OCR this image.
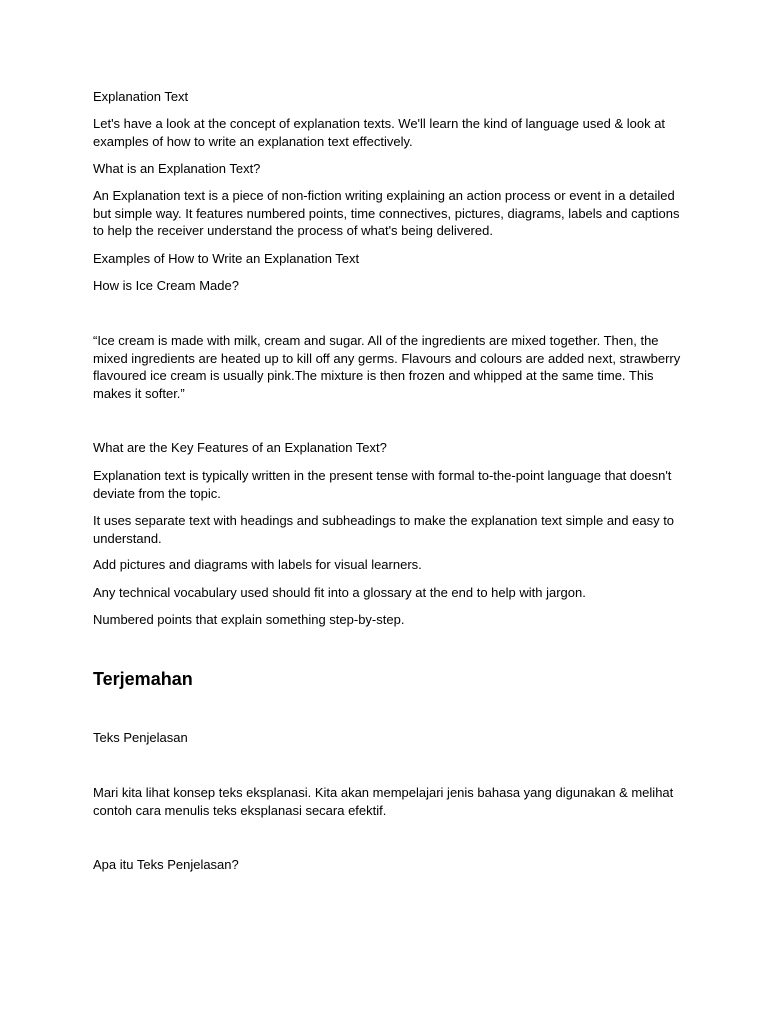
Explanation Text

Let's have a look at the concept of explanation texts. We'll learn the kind of language used & look at examples of how to write an explanation text effectively.

What is an Explanation Text?

An Explanation text is a piece of non-fiction writing explaining an action process or event in a detailed but simple way. It features numbered points, time connectives, pictures, diagrams, labels and captions to help the receiver understand the process of what's being delivered.

Examples of How to Write an Explanation Text

How is Ice Cream Made?

“Ice cream is made with milk, cream and sugar. All of the ingredients are mixed together. Then, the mixed ingredients are heated up to kill off any germs. Flavours and colours are added next, strawberry flavoured ice cream is usually pink.The mixture is then frozen and whipped at the same time. This makes it softer.”

What are the Key Features of an Explanation Text?

Explanation text is typically written in the present tense with formal to-the-point language that doesn't deviate from the topic.

It uses separate text with headings and subheadings to make the explanation text simple and easy to understand.

Add pictures and diagrams with labels for visual learners.

Any technical vocabulary used should fit into a glossary at the end to help with jargon.

Numbered points that explain something step-by-step.

Terjemahan

Teks Penjelasan

Mari kita lihat konsep teks eksplanasi. Kita akan mempelajari jenis bahasa yang digunakan & melihat contoh cara menulis teks eksplanasi secara efektif.

Apa itu Teks Penjelasan?
